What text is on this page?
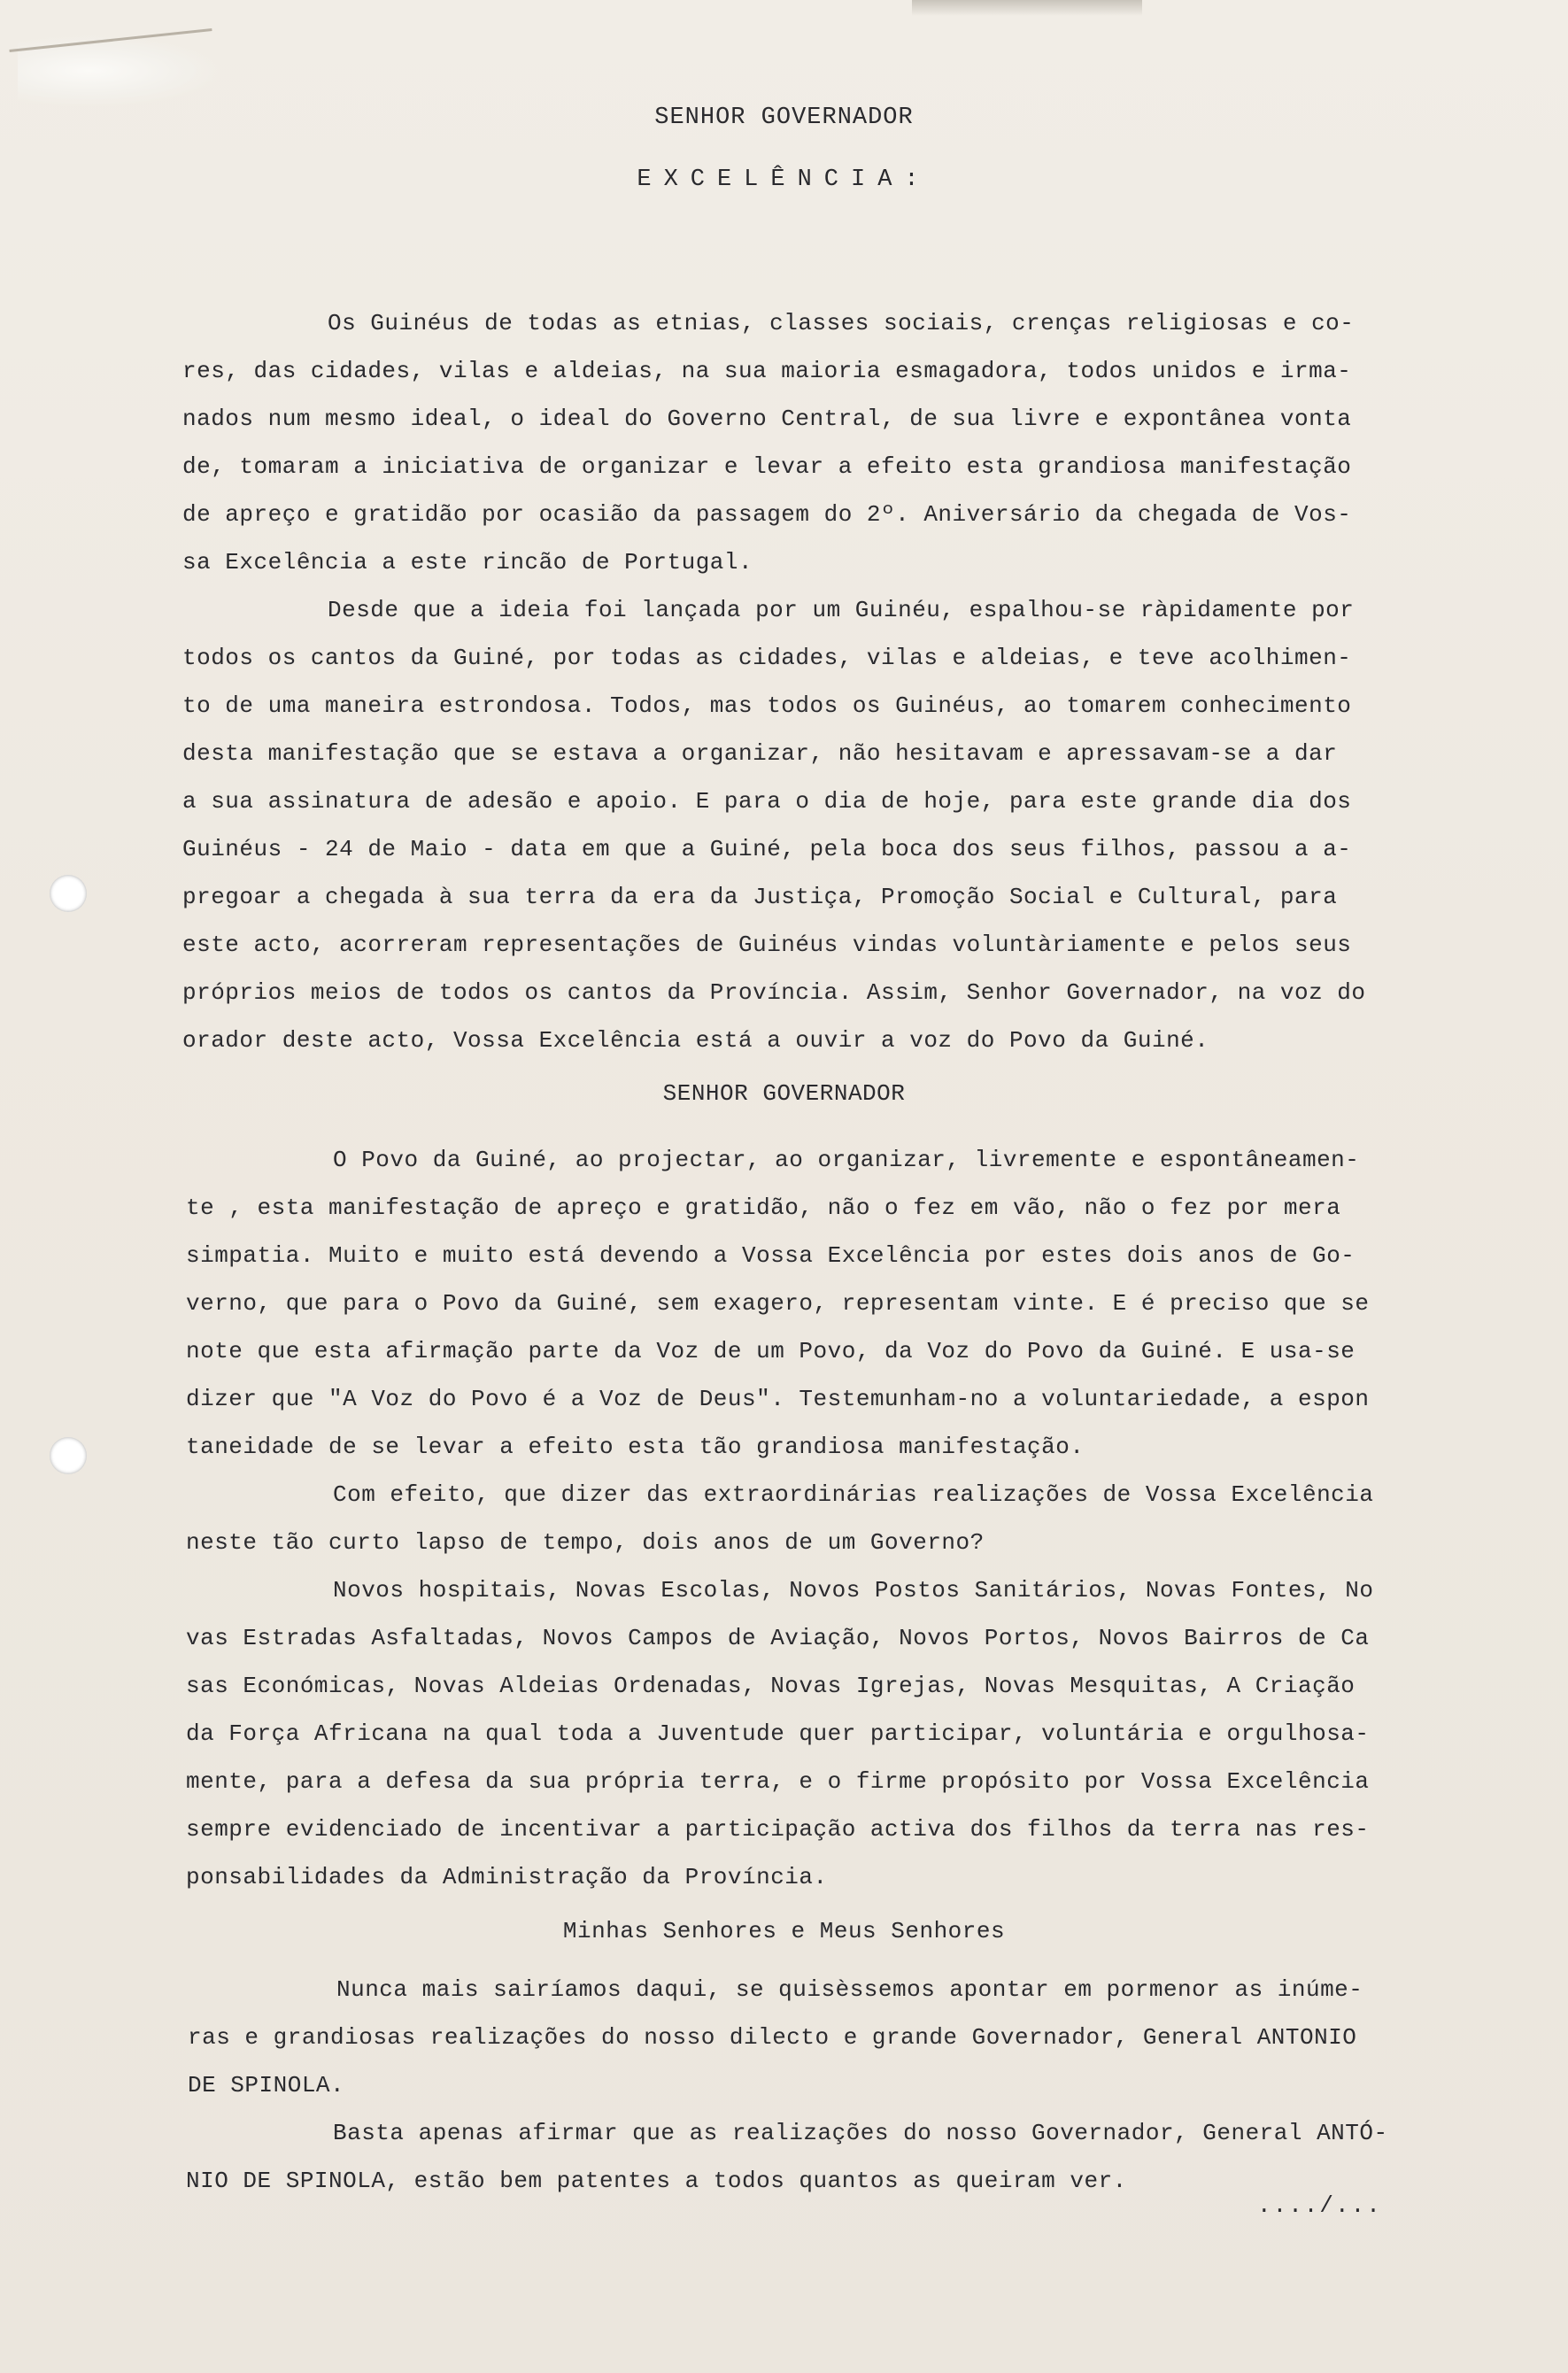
SENHOR GOVERNADOR
EXCELÊNCIA:
Os Guinéus de todas as etnias, classes sociais, crenças religiosas e co-
res, das cidades, vilas e aldeias, na sua maioria esmagadora, todos unidos e irma-
nados num mesmo ideal, o ideal do Governo Central, de sua livre e expontânea vonta
de, tomaram a iniciativa de organizar e levar a efeito esta grandiosa manifestação
de apreço e gratidão por ocasião da passagem do 2º. Aniversário da chegada de Vos-
sa Excelência a este rincão de Portugal.
Desde que a ideia foi lançada por um Guinéu, espalhou-se ràpidamente por
todos os cantos da Guiné, por todas as cidades, vilas e aldeias, e teve acolhimen-
to de uma maneira estrondosa. Todos, mas todos os Guinéus, ao tomarem conhecimento
desta manifestação que se estava a organizar, não hesitavam e apressavam-se a dar
a sua assinatura de adesão e apoio. E para o dia de hoje, para este grande dia dos
Guinéus - 24 de Maio - data em que a Guiné, pela boca dos seus filhos, passou a a-
pregoar a chegada à sua terra da era da Justiça, Promoção Social e Cultural, para
este acto, acorreram representações de Guinéus vindas voluntàriamente e pelos seus
próprios meios de todos os cantos da Província. Assim, Senhor Governador, na voz do
orador deste acto, Vossa Excelência está a ouvir a voz do Povo da Guiné.
SENHOR GOVERNADOR
O Povo da Guiné, ao projectar, ao organizar, livremente e espontâneamen-
te , esta manifestação de apreço e gratidão, não o fez em vão, não o fez por mera
simpatia. Muito e muito está devendo a Vossa Excelência por estes dois anos de Go-
verno, que para o Povo da Guiné, sem exagero, representam vinte. E é preciso que se
note que esta afirmação parte da Voz de um Povo, da Voz do Povo da Guiné. E usa-se
dizer que "A Voz do Povo é a Voz de Deus". Testemunham-no a voluntariedade, a espon
taneidade de se levar a efeito esta tão grandiosa manifestação.
Com efeito, que dizer das extraordinárias realizações de Vossa Excelência
neste tão curto lapso de tempo, dois anos de um Governo?
Novos hospitais, Novas Escolas, Novos Postos Sanitários, Novas Fontes, No
vas Estradas Asfaltadas, Novos Campos de Aviação, Novos Portos, Novos Bairros de Ca
sas Económicas, Novas Aldeias Ordenadas, Novas Igrejas, Novas Mesquitas, A Criação
da Força Africana na qual toda a Juventude quer participar, voluntária e orgulhosa-
mente, para a defesa da sua própria terra, e o firme propósito por Vossa Excelência
sempre evidenciado de incentivar a participação activa dos filhos da terra nas res-
ponsabilidades da Administração da Província.
Minhas Senhores e Meus Senhores
Nunca mais sairíamos daqui, se quisèssemos apontar em pormenor as inúme-
ras e grandiosas realizações do nosso dilecto e grande Governador, General ANTONIO
DE SPINOLA.
Basta apenas afirmar que as realizações do nosso Governador, General ANTÓ-
NIO DE SPINOLA, estão bem patentes a todos quantos as queiram ver.
..../...
